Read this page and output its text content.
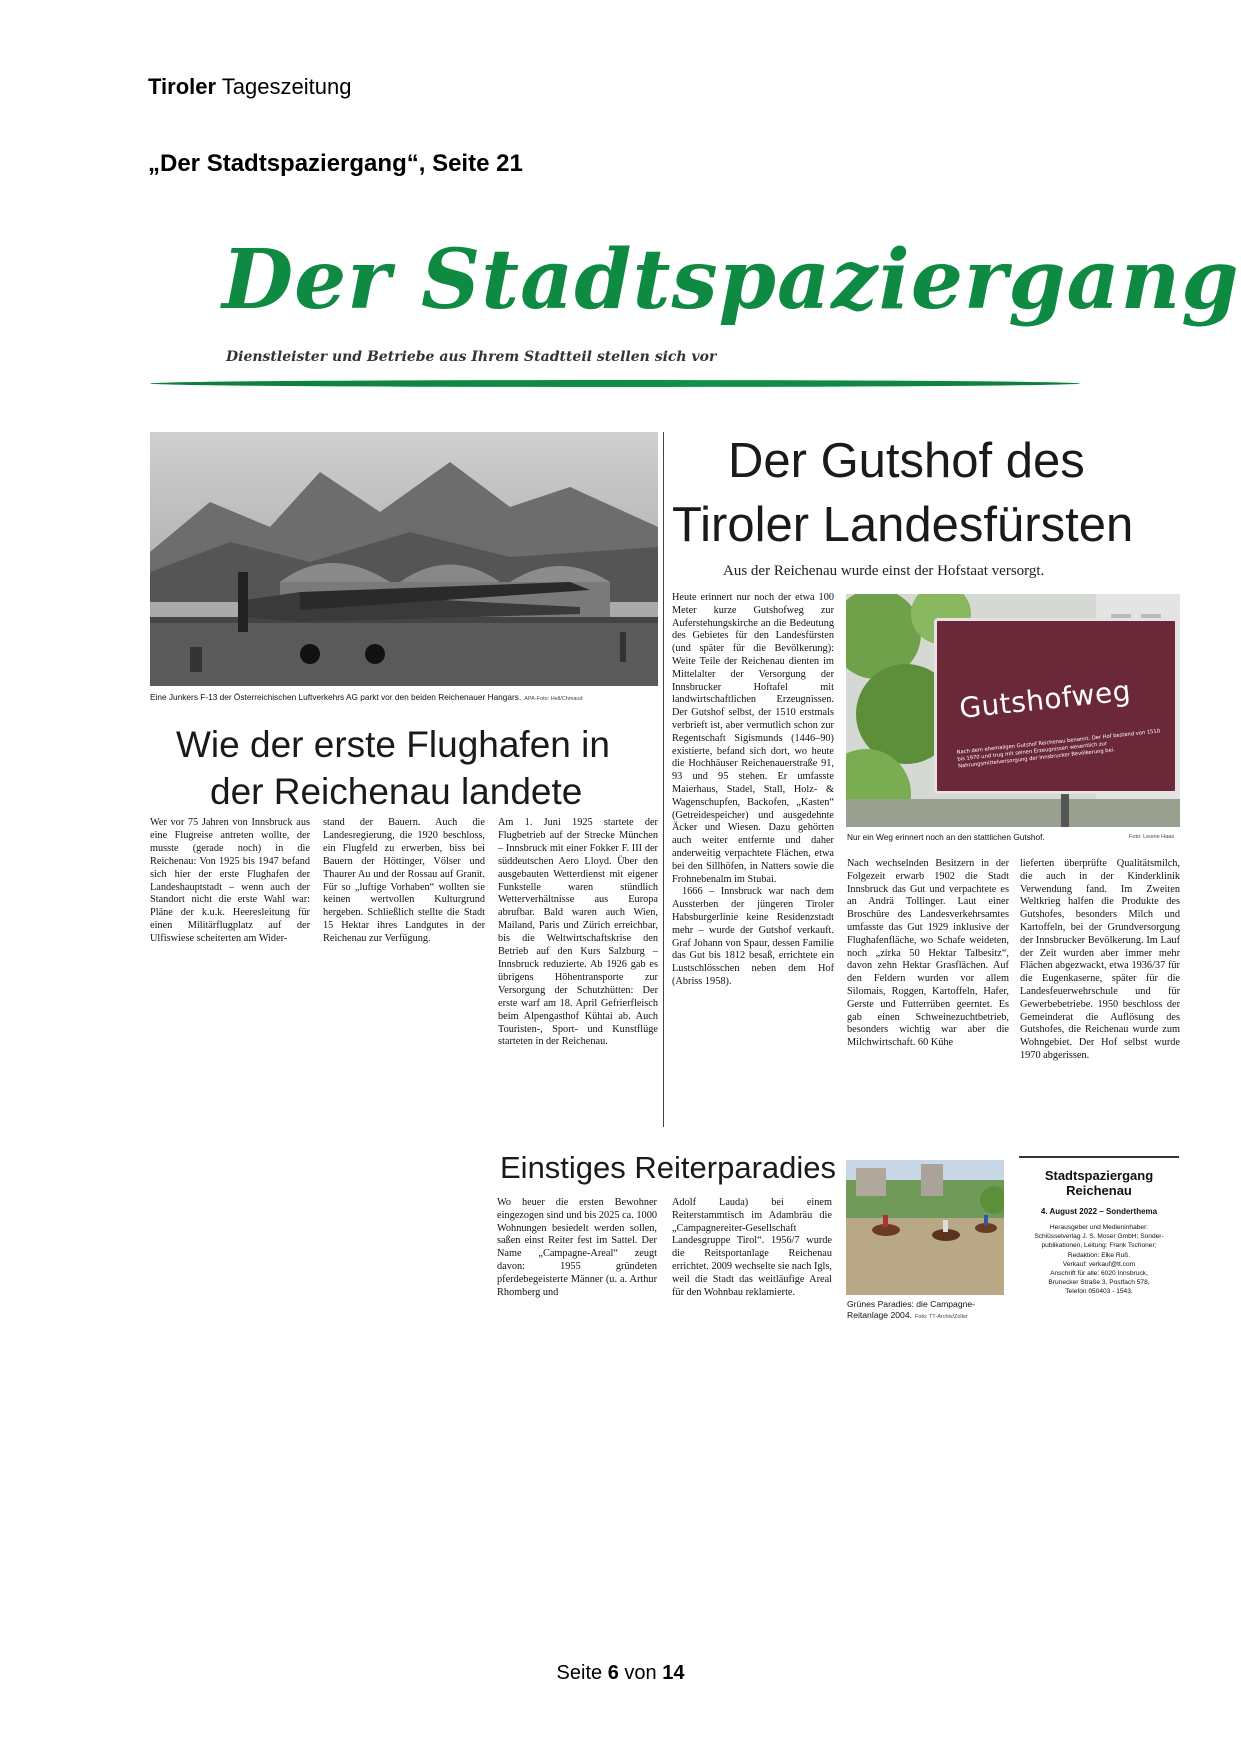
Tiroler Tageszeitung
„Der Stadtspaziergang“, Seite 21
Der Stadtspaziergang
Dienstleister und Betriebe aus Ihrem Stadtteil stellen sich vor
Eine Junkers F-13 der Österreichischen Luftverkehrs AG parkt vor den beiden Reichenauer Hangars. APA-Foto: Hell/Chmaud
Wie der erste Flughafen in
der Reichenau landete
Wer vor 75 Jahren von Innsbruck aus eine Flugreise antreten wollte, der musste (gerade noch) in die Reichenau: Von 1925 bis 1947 befand sich hier der erste Flughafen der Landeshauptstadt – wenn auch der Standort nicht die erste Wahl war: Pläne der k.u.k. Heeresleitung für einen Militärflugplatz auf der Ulfiswiese scheiterten am Wider-
stand der Bauern. Auch die Landesregierung, die 1920 beschloss, ein Flugfeld zu erwerben, biss bei Bauern der Höttinger, Völser und Thaurer Au und der Rossau auf Granit. Für so „luftige Vorhaben“ wollten sie keinen wertvollen Kulturgrund hergeben. Schließlich stellte die Stadt 15 Hektar ihres Landgutes in der Reichenau zur Verfügung.
Am 1. Juni 1925 startete der Flugbetrieb auf der Strecke München – Innsbruck mit einer Fokker F. III der süddeutschen Aero Lloyd. Über den ausgebauten Wetterdienst mit eigener Funkstelle waren stündlich Wetterverhältnisse aus Europa abrufbar. Bald waren auch Wien, Mailand, Paris und Zürich erreichbar, bis die Weltwirtschaftskrise den Betrieb auf den Kurs Salzburg – Innsbruck reduzierte. Ab 1926 gab es übrigens Höhentransporte zur Versorgung der Schutzhütten: Der erste warf am 18. April Gefrierfleisch beim Alpengasthof Kühtai ab. Auch Touristen-, Sport- und Kunstflüge starteten in der Reichenau.
Der Gutshof des
Tiroler Landesfürsten
Aus der Reichenau wurde einst der Hofstaat versorgt.
Heute erinnert nur noch der etwa 100 Meter kurze Gutshofweg zur Auferstehungskirche an die Bedeutung des Gebietes für den Landesfürsten (und später für die Bevölkerung): Weite Teile der Reichenau dienten im Mittelalter der Versorgung der Innsbrucker Hoftafel mit landwirtschaftlichen Erzeugnissen. Der Gutshof selbst, der 1510 erstmals verbrieft ist, aber vermutlich schon zur Regentschaft Sigismunds (1446–90) existierte, befand sich dort, wo heute die Hochhäuser Reichenauerstraße 91, 93 und 95 stehen. Er umfasste Maierhaus, Stadel, Stall, Holz- & Wagenschupfen, Backofen, „Kasten“ (Getreidespeicher) und ausgedehnte Äcker und Wiesen. Dazu gehörten auch weiter entfernte und daher anderweitig verpachtete Flächen, etwa bei den Sillhöfen, in Natters sowie die Frohnebenalm im Stubai.
1666 – Innsbruck war nach dem Aussterben der jüngeren Tiroler Habsburgerlinie keine Residenzstadt mehr – wurde der Gutshof verkauft. Graf Johann von Spaur, dessen Familie das Gut bis 1812 besaß, errichtete ein Lustschlösschen neben dem Hof (Abriss 1958).
Gutshofweg
Nach dem ehemaligen Gutshof Reichenau benannt. Der Hof bestand von 1510 bis 1970 und trug mit seinen Erzeugnissen wesentlich zur Nahrungsmittelversorgung der Innsbrucker Bevölkerung bei.
Nur ein Weg erinnert noch an den stattlichen Gutshof.	Foto: Leonie Haas
Nach wechselnden Besitzern in der Folgezeit erwarb 1902 die Stadt Innsbruck das Gut und verpachtete es an Andrä Tollinger. Laut einer Broschüre des Landesverkehrsamtes umfasste das Gut 1929 inklusive der Flughafenfläche, wo Schafe weideten, noch „zirka 50 Hektar Talbesitz“, davon zehn Hektar Grasflächen. Auf den Feldern wurden vor allem Silomais, Roggen, Kartoffeln, Hafer, Gerste und Futterrüben geerntet. Es gab einen Schweinezuchtbetrieb, besonders wichtig war aber die Milchwirtschaft. 60 Kühe
lieferten überprüfte Qualitätsmilch, die auch in der Kinderklinik Verwendung fand. Im Zweiten Weltkrieg halfen die Produkte des Gutshofes, besonders Milch und Kartoffeln, bei der Grundversorgung der Innsbrucker Bevölkerung. Im Lauf der Zeit wurden aber immer mehr Flächen abgezwackt, etwa 1936/37 für die Eugenkaserne, später für die Landesfeuerwehrschule und für Gewerbebetriebe. 1950 beschloss der Gemeinderat die Auflösung des Gutshofes, die Reichenau wurde zum Wohngebiet. Der Hof selbst wurde 1970 abgerissen.
Einstiges Reiterparadies
Wo heuer die ersten Bewohner eingezogen sind und bis 2025 ca. 1000 Wohnungen besiedelt werden sollen, saßen einst Reiter fest im Sattel. Der Name „Campagne-Areal“ zeugt davon: 1955 gründeten pferdebegeisterte Männer (u. a. Arthur Rhomberg und
Adolf Lauda) bei einem Reiterstammtisch im Adambräu die „Campagnereiter-Gesellschaft Landesgruppe Tirol“. 1956/7 wurde die Reitsportanlage Reichenau errichtet. 2009 wechselte sie nach Igls, weil die Stadt das weitläufige Areal für den Wohnbau reklamierte.
Grünes Paradies: die Campagne-Reitanlage 2004. Foto: TT-Archiv/Zoller
Stadtspaziergang
Reichenau
4. August 2022 – Sonderthema
Herausgeber und Medieninhaber:
Schlüsselverlag J. S. Moser GmbH; Sonder-
publikationen, Leitung: Frank Tschoner;
Redaktion: Elke Ruß.
Verkauf: verkauf@tt.com
Anschrift für alle: 6020 Innsbruck,
Brunecker Straße 3, Postfach 578,
Telefon 050403 - 1543.
Seite 6 von 14
